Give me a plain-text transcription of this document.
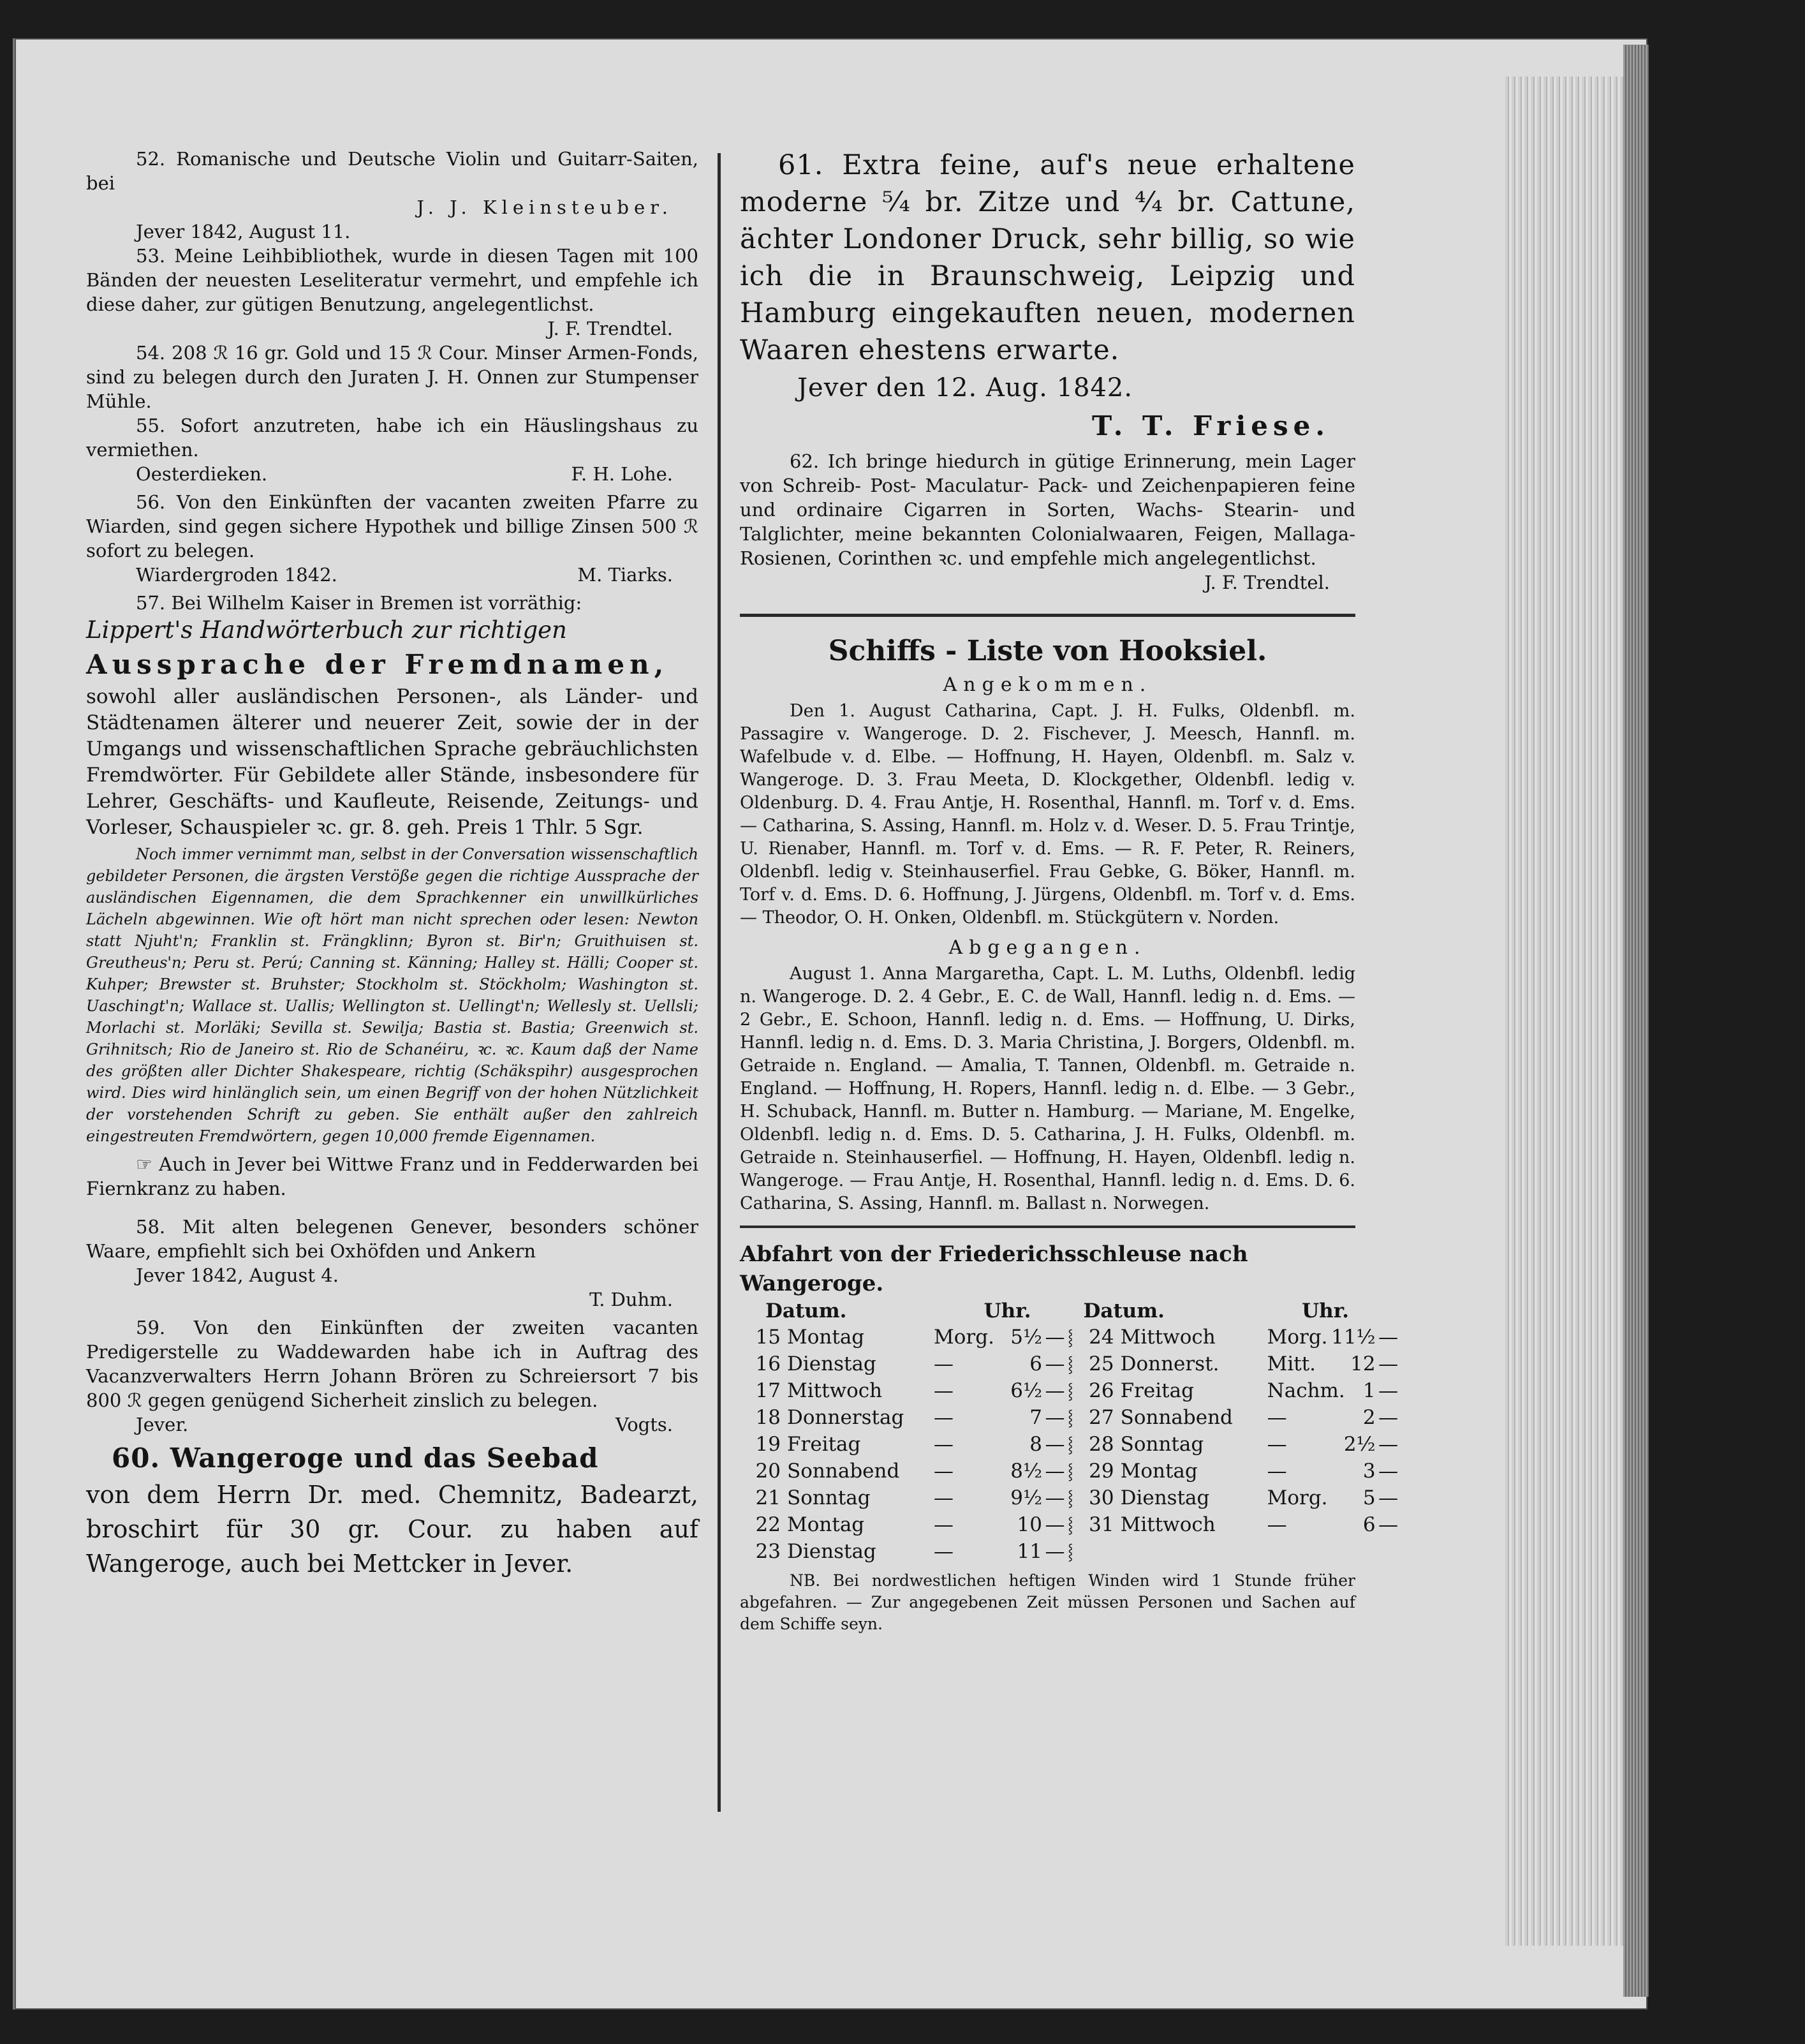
52. Romanische und Deutsche Violin und Guitarr-Saiten, bei

J. J. Kleinsteuber.

Jever 1842, August 11.

53. Meine Leihbibliothek, wurde in diesen Tagen mit 100 Bänden der neuesten Leseliteratur vermehrt, und empfehle ich diese daher, zur gütigen Benutzung, angelegentlichst.

J. F. Trendtel.

54. 208 ℛ 16 gr. Gold und 15 ℛ Cour. Minser Armen-Fonds, sind zu belegen durch den Juraten J. H. Onnen zur Stumpenser Mühle.

55. Sofort anzutreten, habe ich ein Häuslingshaus zu vermiethen.

Oesterdieken.	F. H. Lohe.

56. Von den Einkünften der vacanten zweiten Pfarre zu Wiarden, sind gegen sichere Hypothek und billige Zinsen 500 ℛ sofort zu belegen.

Wiardergroden 1842.	M. Tiarks.

57. Bei Wilhelm Kaiser in Bremen ist vorräthig:

Lippert's Handwörterbuch zur richtigen

Aussprache der Fremdnamen,

sowohl aller ausländischen Personen-, als Länder- und Städtenamen älterer und neuerer Zeit, sowie der in der Umgangs und wissenschaftlichen Sprache gebräuchlichsten Fremdwörter. Für Gebildete aller Stände, insbesondere für Lehrer, Geschäfts- und Kaufleute, Reisende, Zeitungs- und Vorleser, Schauspieler ꝛc. gr. 8. geh. Preis 1 Thlr. 5 Sgr.

Noch immer vernimmt man, selbst in der Conversation wissenschaftlich gebildeter Personen, die ärgsten Verstöße gegen die richtige Aussprache der ausländischen Eigennamen, die dem Sprachkenner ein unwillkürliches Lächeln abgewinnen. Wie oft hört man nicht sprechen oder lesen: Newton statt Njuht'n; Franklin st. Frängklinn; Byron st. Bir'n; Gruithuisen st. Greutheus'n; Peru st. Perú; Canning st. Känning; Halley st. Hälli; Cooper st. Kuhper; Brewster st. Bruhster; Stockholm st. Stöckholm; Washington st. Uaschingt'n; Wallace st. Uallis; Wellington st. Uellingt'n; Wellesly st. Uellsli; Morlachi st. Morläki; Sevilla st. Sewilja; Bastia st. Bastia; Greenwich st. Grihnitsch; Rio de Janeiro st. Rio de Schanéiru, ꝛc. ꝛc. Kaum daß der Name des größten aller Dichter Shakespeare, richtig (Schäkspihr) ausgesprochen wird. Dies wird hinlänglich sein, um einen Begriff von der hohen Nützlichkeit der vorstehenden Schrift zu geben. Sie enthält außer den zahlreich eingestreuten Fremdwörtern, gegen 10,000 fremde Eigennamen.

☞ Auch in Jever bei Wittwe Franz und in Fedderwarden bei Fiernkranz zu haben.

58. Mit alten belegenen Genever, besonders schöner Waare, empfiehlt sich bei Oxhöfden und Ankern

Jever 1842, August 4.

T. Duhm.

59. Von den Einkünften der zweiten vacanten Predigerstelle zu Waddewarden habe ich in Auftrag des Vacanzverwalters Herrn Johann Brören zu Schreiersort 7 bis 800 ℛ gegen genügend Sicherheit zinslich zu belegen.

Jever.	Vogts.

60. Wangeroge und das Seebad

von dem Herrn Dr. med. Chemnitz, Badearzt, broschirt für 30 gr. Cour. zu haben auf Wangeroge, auch bei Mettcker in Jever.

61. Extra feine, auf's neue erhaltene moderne ⁵⁄₄ br. Zitze und ⁴⁄₄ br. Cattune, ächter Londoner Druck, sehr billig, so wie ich die in Braunschweig, Leipzig und Hamburg eingekauften neuen, modernen Waaren ehestens erwarte.

Jever den 12. Aug. 1842.

T. T. Friese.

62. Ich bringe hiedurch in gütige Erinnerung, mein Lager von Schreib- Post- Maculatur- Pack- und Zeichenpapieren feine und ordinaire Cigarren in Sorten, Wachs- Stearin- und Talglichter, meine bekannten Colonialwaaren, Feigen, Mallaga-Rosienen, Corinthen ꝛc. und empfehle mich angelegentlichst.

J. F. Trendtel.

Schiffs - Liste von Hooksiel.

Angekommen.

Den 1. August Catharina, Capt. J. H. Fulks, Oldenbfl. m. Passagire v. Wangeroge. D. 2. Fischever, J. Meesch, Hannfl. m. Wafelbude v. d. Elbe. — Hoffnung, H. Hayen, Oldenbfl. m. Salz v. Wangeroge. D. 3. Frau Meeta, D. Klockgether, Oldenbfl. ledig v. Oldenburg. D. 4. Frau Antje, H. Rosenthal, Hannfl. m. Torf v. d. Ems. — Catharina, S. Assing, Hannfl. m. Holz v. d. Weser. D. 5. Frau Trintje, U. Rienaber, Hannfl. m. Torf v. d. Ems. — R. F. Peter, R. Reiners, Oldenbfl. ledig v. Steinhauserfiel. Frau Gebke, G. Böker, Hannfl. m. Torf v. d. Ems. D. 6. Hoffnung, J. Jürgens, Oldenbfl. m. Torf v. d. Ems. — Theodor, O. H. Onken, Oldenbfl. m. Stückgütern v. Norden.

Abgegangen.

August 1. Anna Margaretha, Capt. L. M. Luths, Oldenbfl. ledig n. Wangeroge. D. 2. 4 Gebr., E. C. de Wall, Hannfl. ledig n. d. Ems. — 2 Gebr., E. Schoon, Hannfl. ledig n. d. Ems. — Hoffnung, U. Dirks, Hannfl. ledig n. d. Ems. D. 3. Maria Christina, J. Borgers, Oldenbfl. m. Getraide n. England. — Amalia, T. Tannen, Oldenbfl. m. Getraide n. England. — Hoffnung, H. Ropers, Hannfl. ledig n. d. Elbe. — 3 Gebr., H. Schuback, Hannfl. m. Butter n. Hamburg. — Mariane, M. Engelke, Oldenbfl. ledig n. d. Ems. D. 5. Catharina, J. H. Fulks, Oldenbfl. m. Getraide n. Steinhauserfiel. — Hoffnung, H. Hayen, Oldenbfl. ledig n. Wangeroge. — Frau Antje, H. Rosenthal, Hannfl. ledig n. d. Ems. D. 6. Catharina, S. Assing, Hannfl. m. Ballast n. Norwegen.

Abfahrt von der Friederichsschleuse nach Wangeroge.

Datum.	Uhr.	Datum.	Uhr.
15 Montag	Morg. 5½ — ⸾ 24 Mittwoch	Morg. 11½ —
16 Dienstag	—	6 — ⸾ 25 Donnerst.	Mitt.	12 —
17 Mittwoch	—	6½ — ⸾ 26 Freitag	Nachm. 1 —
18 Donnerstag	—	7 — ⸾ 27 Sonnabend	—	2 —
19 Freitag	—	8 — ⸾ 28 Sonntag	—	2½ —
20 Sonnabend	—	8½ — ⸾ 29 Montag	—	3 —
21 Sonntag	—	9½ — ⸾ 30 Dienstag	Morg.	5 —
22 Montag	—	10 — ⸾ 31 Mittwoch	—	6 —
23 Dienstag	—	11 — ⸾

NB. Bei nordwestlichen heftigen Winden wird 1 Stunde früher abgefahren. — Zur angegebenen Zeit müssen Personen und Sachen auf dem Schiffe seyn.
